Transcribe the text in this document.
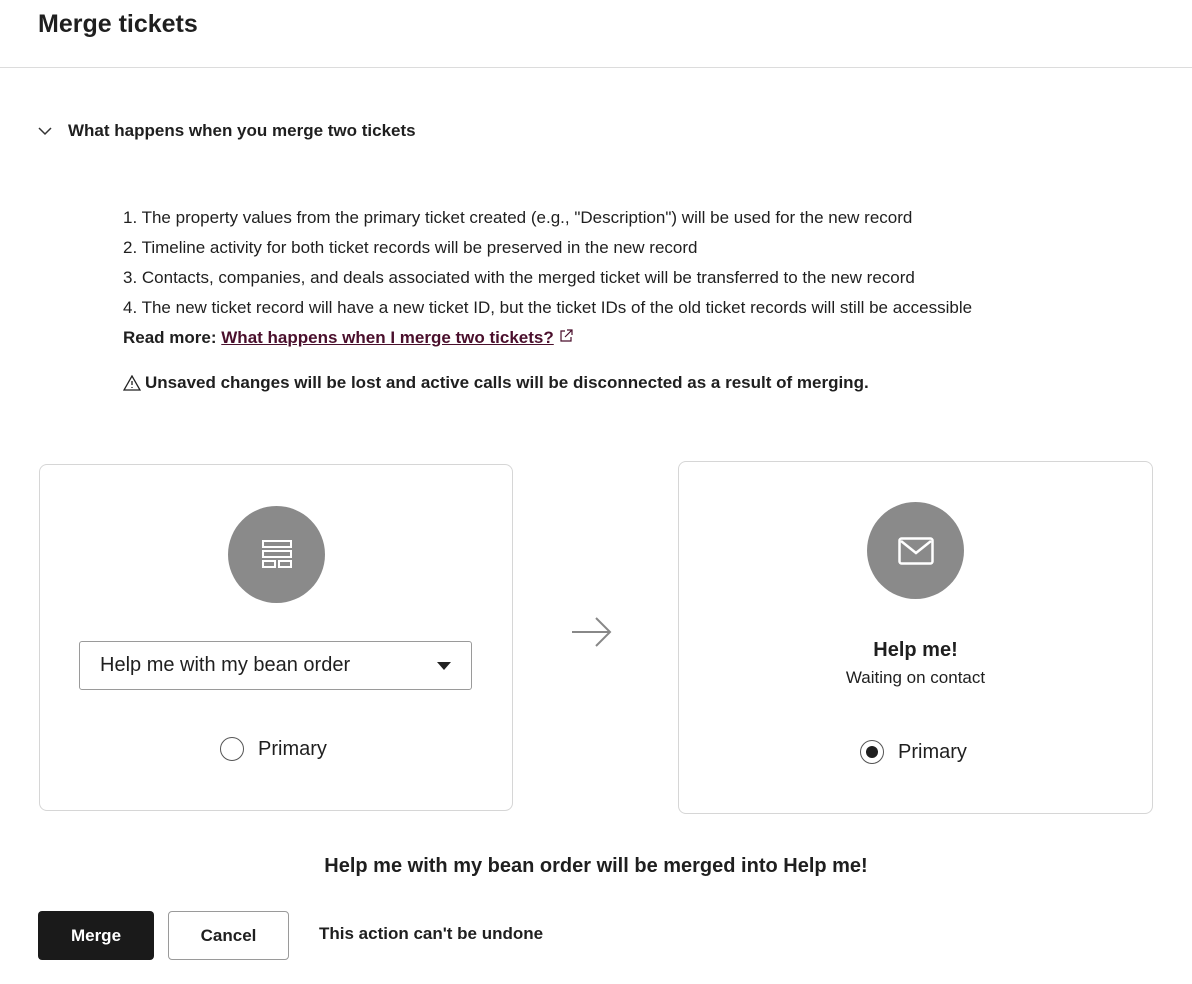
Merge tickets
What happens when you merge two tickets
1. The property values from the primary ticket created (e.g., "Description") will be used for the new record
2. Timeline activity for both ticket records will be preserved in the new record
3. Contacts, companies, and deals associated with the merged ticket will be transferred to the new record
4. The new ticket record will have a new ticket ID, but the ticket IDs of the old ticket records will still be accessible
Read more: What happens when I merge two tickets?
Unsaved changes will be lost and active calls will be disconnected as a result of merging.
Help me with my bean order
Primary
Help me!
Waiting on contact
Primary
Help me with my bean order will be merged into Help me!
Merge	Cancel	This action can't be undone
